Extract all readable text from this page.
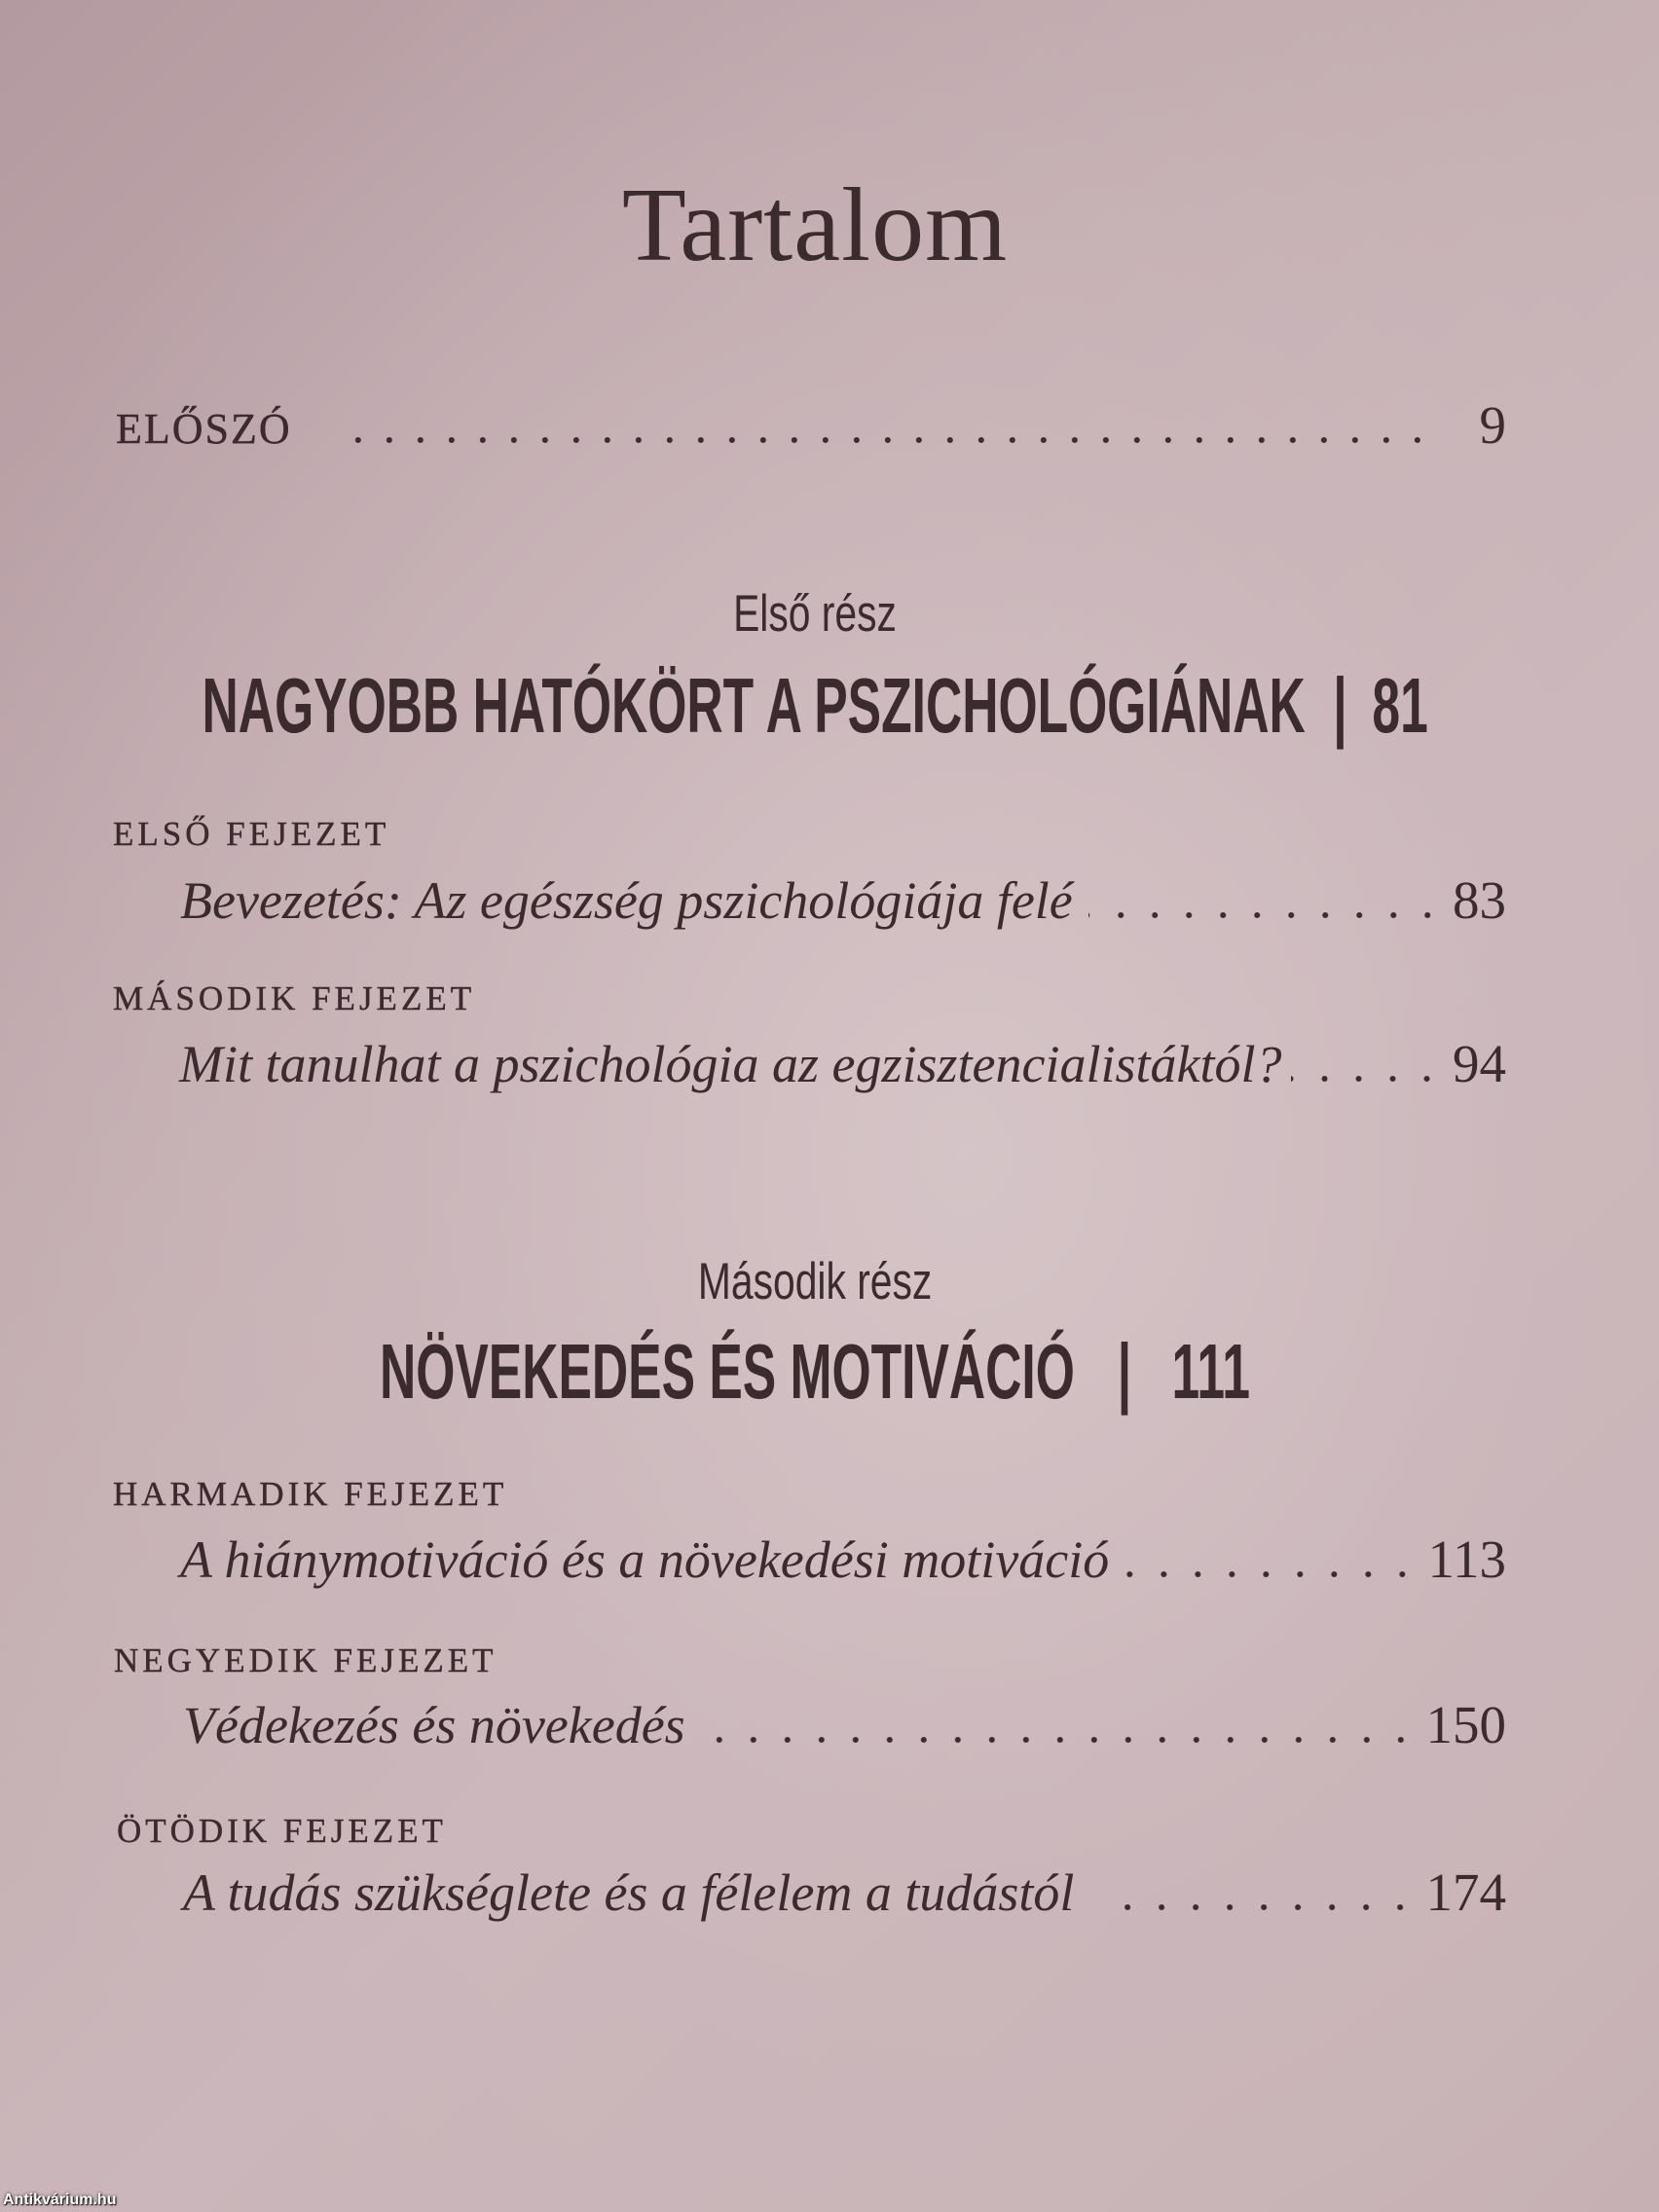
Tartalom
ELŐSZÓ	9
Első rész
NAGYOBB HATÓKÖRT A PSZICHOLÓGIÁNAK | 81
ELSŐ FEJEZET
Bevezetés: Az egészség pszichológiája felé	83
MÁSODIK FEJEZET
Mit tanulhat a pszichológia az egzisztencialistáktól?	94
Második rész
NÖVEKEDÉS ÉS MOTIVÁCIÓ | 111
HARMADIK FEJEZET
A hiánymotiváció és a növekedési motiváció	113
NEGYEDIK FEJEZET
Védekezés és növekedés	150
ÖTÖDIK FEJEZET
A tudás szükséglete és a félelem a tudástól	174
Antikvárium.hu
